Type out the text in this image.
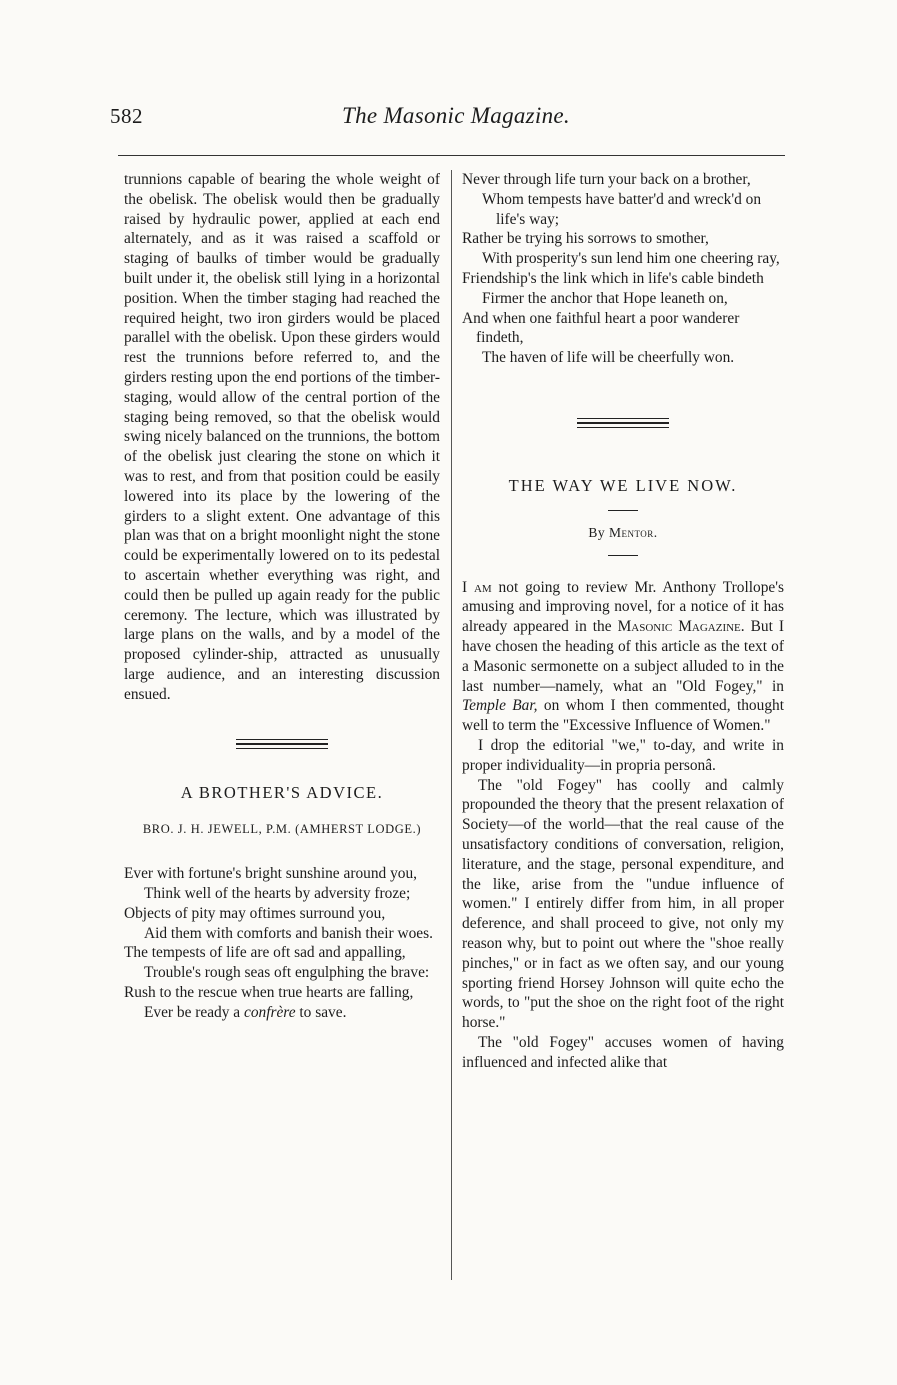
582	The Masonic Magazine.

trunnions capable of bearing the whole weight of the obelisk. The obelisk would then be gradually raised by hydraulic power, applied at each end alternately, and as it was raised a scaffold or staging of baulks of timber would be gradually built under it, the obelisk still lying in a horizontal position. When the timber staging had reached the required height, two iron girders would be placed parallel with the obelisk. Upon these girders would rest the trunnions before referred to, and the girders resting upon the end portions of the timber-staging, would allow of the central portion of the staging being removed, so that the obelisk would swing nicely balanced on the trunnions, the bottom of the obelisk just clearing the stone on which it was to rest, and from that position could be easily lowered into its place by the lowering of the girders to a slight extent. One advantage of this plan was that on a bright moonlight night the stone could be experimentally lowered on to its pedestal to ascertain whether everything was right, and could then be pulled up again ready for the public ceremony. The lecture, which was illustrated by large plans on the walls, and by a model of the proposed cylinder-ship, attracted as unusually large audience, and an interesting discussion ensued.

A BROTHER'S ADVICE.

BRO. J. H. JEWELL, P.M. (AMHERST LODGE.)

Ever with fortune's bright sunshine around you,

Think well of the hearts by adversity froze;

Objects of pity may oftimes surround you,

Aid them with comforts and banish their woes.

The tempests of life are oft sad and appalling,

Trouble's rough seas oft engulphing the brave:

Rush to the rescue when true hearts are falling,

Ever be ready a confrère to save.

Never through life turn your back on a brother,

Whom tempests have batter'd and wreck'd on life's way;

Rather be trying his sorrows to smother,

With prosperity's sun lend him one cheering ray,

Friendship's the link which in life's cable bindeth

Firmer the anchor that Hope leaneth on,

And when one faithful heart a poor wanderer findeth,

The haven of life will be cheerfully won.

THE WAY WE LIVE NOW.

By Mentor.

I am not going to review Mr. Anthony Trollope's amusing and improving novel, for a notice of it has already appeared in the Masonic Magazine. But I have chosen the heading of this article as the text of a Masonic sermonette on a subject alluded to in the last number—namely, what an "Old Fogey," in Temple Bar, on whom I then commented, thought well to term the "Excessive Influence of Women."

I drop the editorial "we," to-day, and write in proper individuality—in propria personâ.

The "old Fogey" has coolly and calmly propounded the theory that the present relaxation of Society—of the world—that the real cause of the unsatisfactory conditions of conversation, religion, literature, and the stage, personal expenditure, and the like, arise from the "undue influence of women." I entirely differ from him, in all proper deference, and shall proceed to give, not only my reason why, but to point out where the "shoe really pinches," or in fact as we often say, and our young sporting friend Horsey Johnson will quite echo the words, to "put the shoe on the right foot of the right horse."

The "old Fogey" accuses women of having influenced and infected alike that
